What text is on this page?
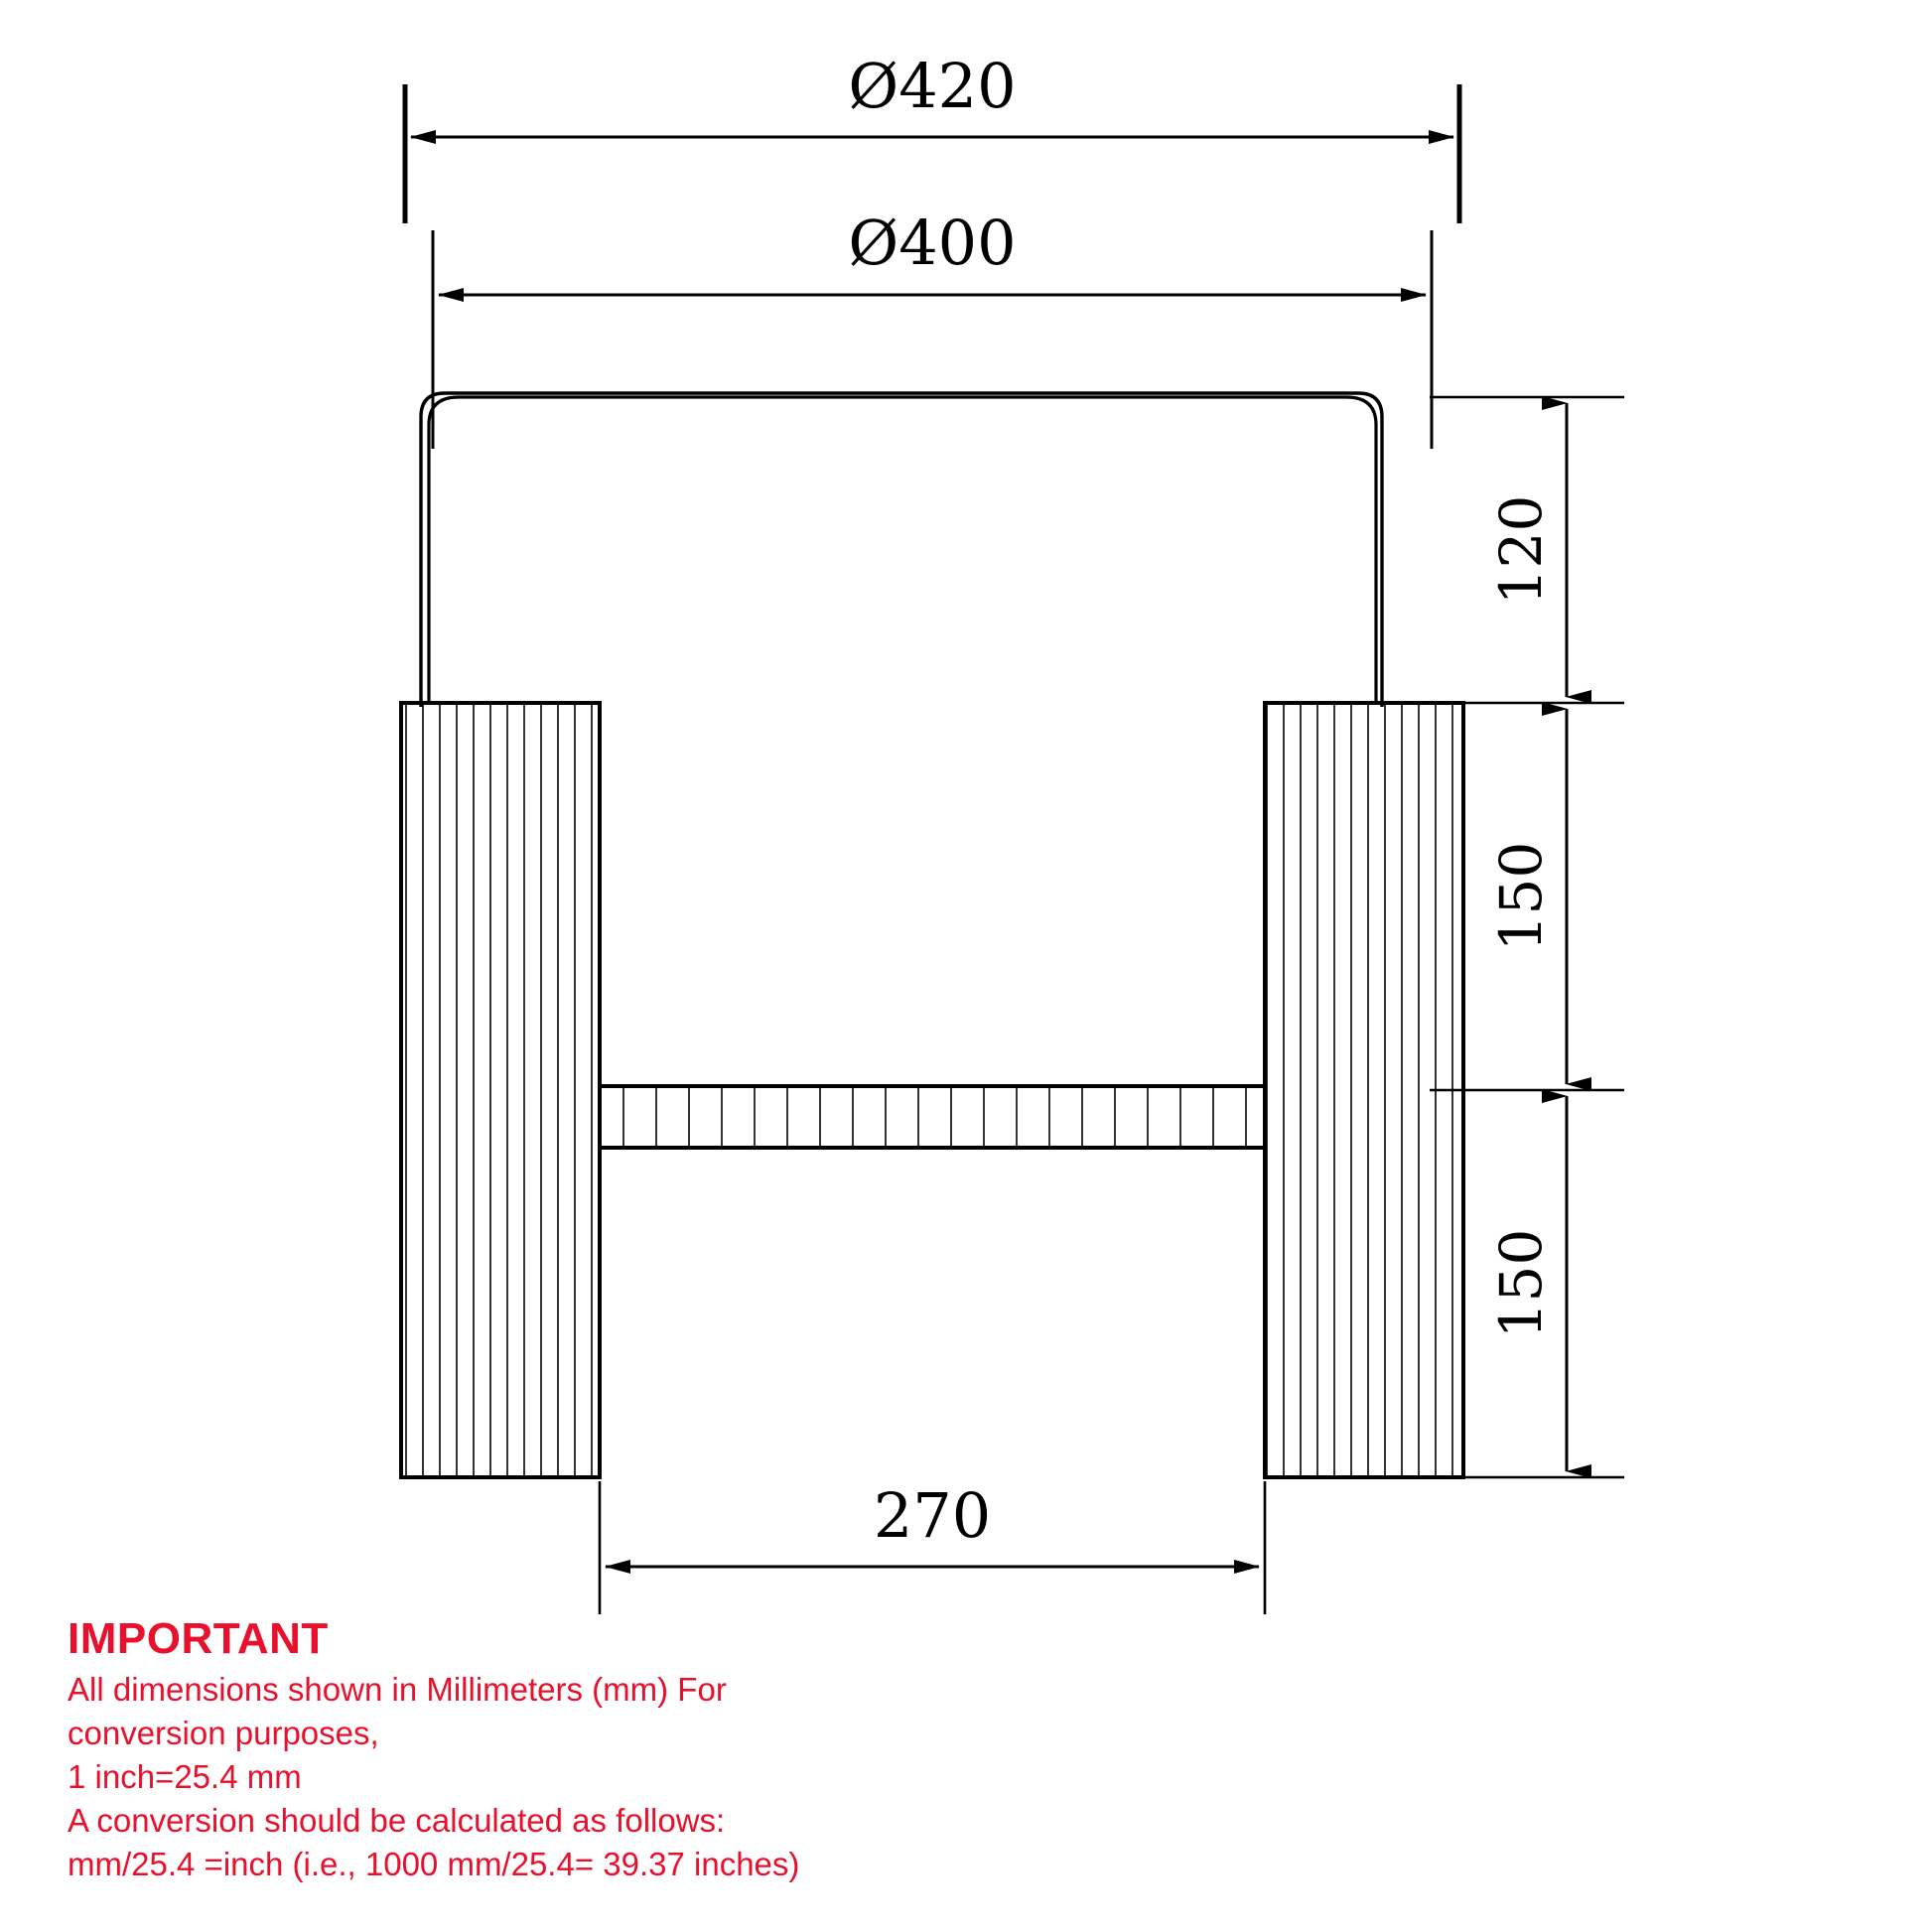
Ø420
Ø400
120
150
150
270
IMPORTANT
All dimensions shown in Millimeters (mm) For
conversion purposes,
1 inch=25.4 mm
A conversion should be calculated as follows:
mm/25.4 =inch (i.e., 1000 mm/25.4= 39.37 inches)
